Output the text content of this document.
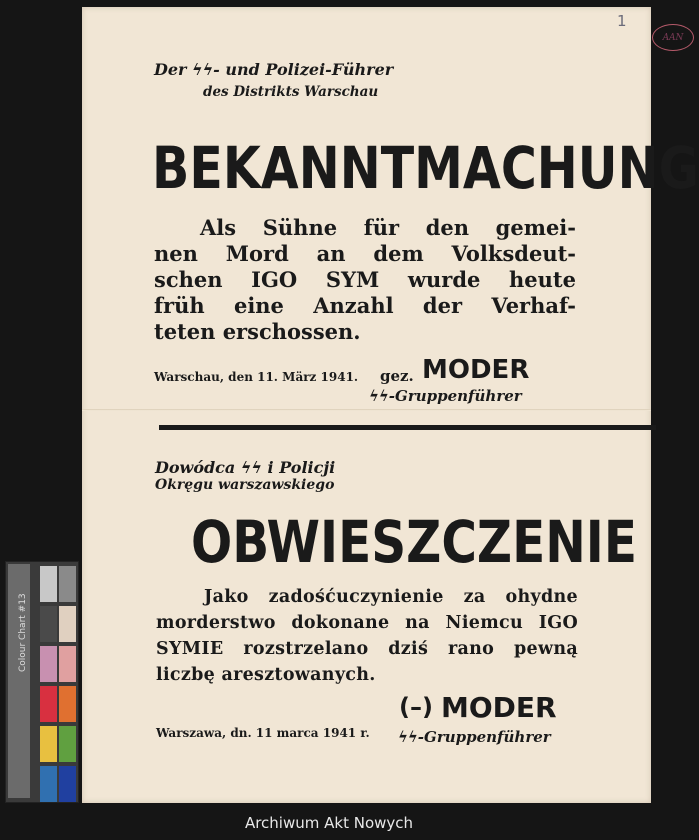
Der ϟϟ- und Polizei-Führer
des Distrikts Warschau
BEKANNTMACHUNG
Als Sühne für den gemei-
nen Mord an dem Volksdeut-
schen IGO SYM wurde heute
früh eine Anzahl der Verhaf-
teten erschossen.
Warschau, den 11. März 1941. gez. MODER
ϟϟ-Gruppenführer
Dowódca ϟϟ i Policji
Okręgu warszawskiego
OBWIESZCZENIE
Jako zadośćuczynienie za ohydne
morderstwo dokonane na Niemcu IGO
SYMIE rozstrzelano dziś rano pewną
liczbę aresztowanych.
Warszawa, dn. 11 marca 1941 r.
(–) MODER
ϟϟ-Gruppenführer
AAN
1
Colour Chart #13
Archiwum Akt Nowych
